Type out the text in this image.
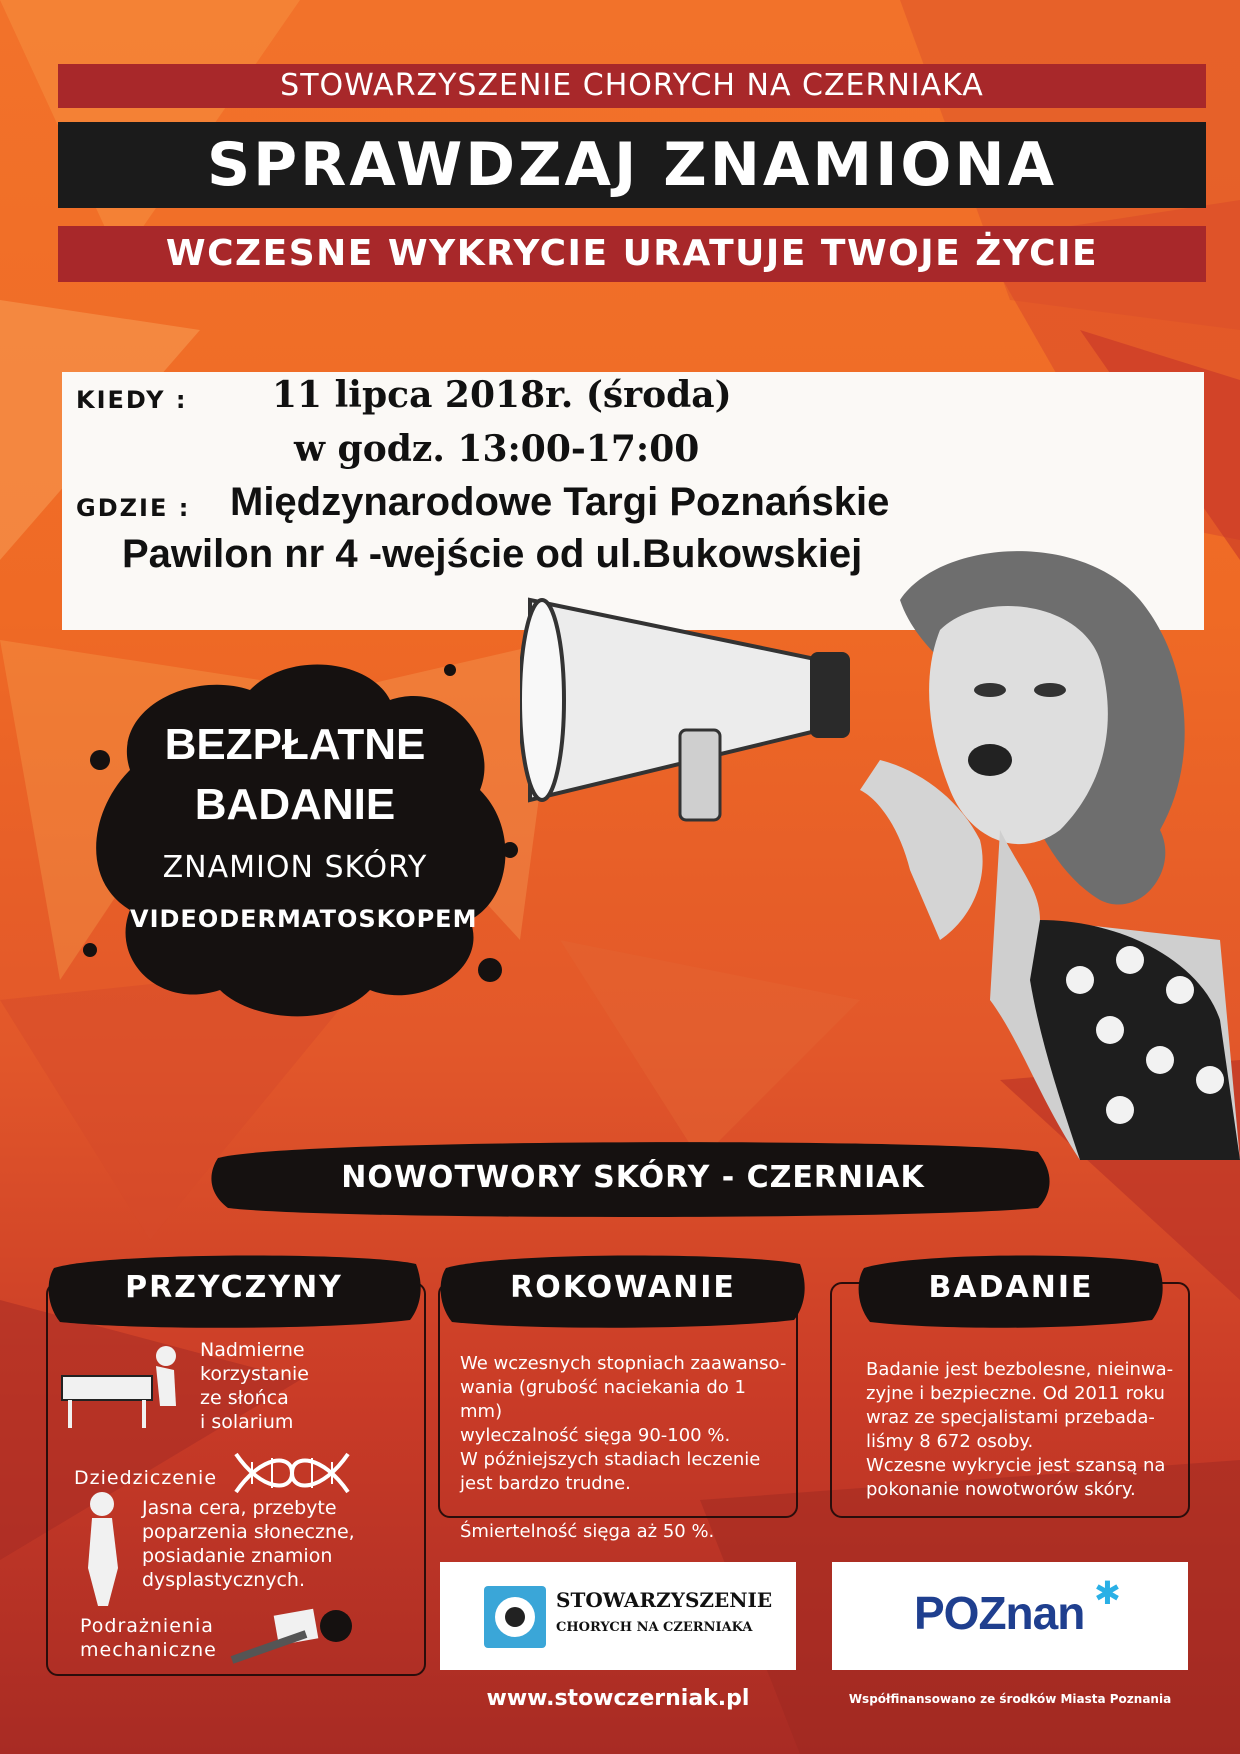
STOWARZYSZENIE CHORYCH NA CZERNIAKA
SPRAWDZAJ ZNAMIONA
WCZESNE WYKRYCIE URATUJE TWOJE ŻYCIE
KIEDY : 11 lipca 2018r. (środa)
w godz. 13:00-17:00
GDZIE : Międzynarodowe Targi Poznańskie
Pawilon nr 4 -wejście od ul.Bukowskiej
BEZPŁATNE
BADANIE
ZNAMION SKÓRY
VIDEODERMATOSKOPEM
NOWOTWORY SKÓRY - CZERNIAK
PRZYCZYNY
Nadmierne
korzystanie
ze słońca
i solarium
Dziedziczenie
Jasna cera, przebyte
poparzenia słoneczne,
posiadanie znamion
dysplastycznych.
Podrażnienia
mechaniczne
ROKOWANIE
We wczesnych stopniach zaawanso-
wania (grubość naciekania do 1 mm)
wyleczalność sięga 90-100 %.
W późniejszych stadiach leczenie
jest bardzo trudne.
Śmiertelność sięga aż 50 %.
BADANIE
Badanie jest bezbolesne, nieinwa-
zyjne i bezpieczne. Od 2011 roku
wraz ze specjalistami przebada-
liśmy 8 672 osoby.
Wczesne wykrycie jest szansą na
pokonanie nowotworów skóry.
STOWARZYSZENIE
CHORYCH NA CZERNIAKA	POZnan ✱
www.stowczerniak.pl	Współfinansowano ze środków Miasta Poznania
